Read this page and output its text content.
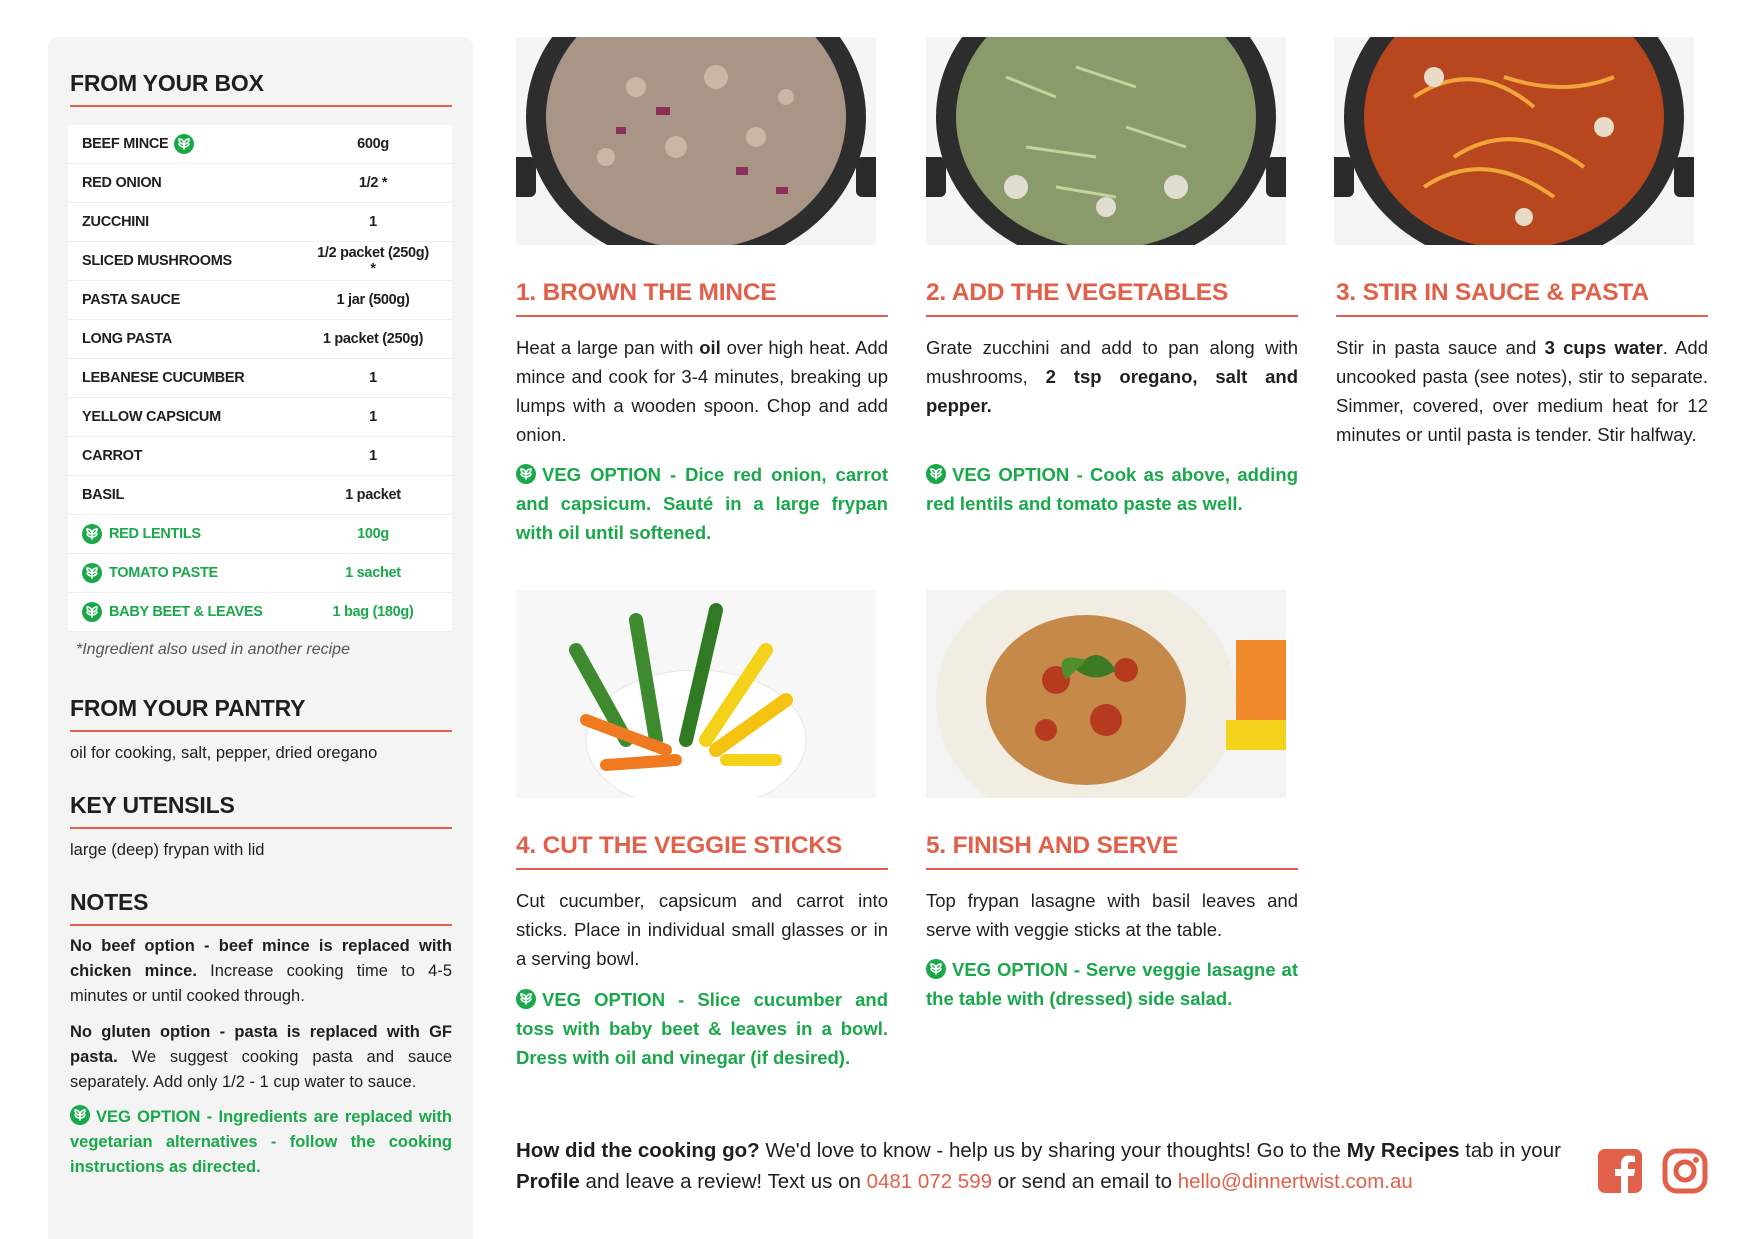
FROM YOUR BOX
BEEF MINCE	600g
RED ONION	1/2 *
ZUCCHINI	1
SLICED MUSHROOMS	1/2 packet (250g) *
PASTA SAUCE	1 jar (500g)
LONG PASTA	1 packet (250g)
LEBANESE CUCUMBER	1
YELLOW CAPSICUM	1
CARROT	1
BASIL	1 packet
RED LENTILS	100g
TOMATO PASTE	1 sachet
BABY BEET & LEAVES	1 bag (180g)
*Ingredient also used in another recipe
FROM YOUR PANTRY
oil for cooking, salt, pepper, dried oregano
KEY UTENSILS
large (deep) frypan with lid
NOTES
No beef option - beef mince is replaced with chicken mince. Increase cooking time to 4-5 minutes or until cooked through.
No gluten option - pasta is replaced with GF pasta. We suggest cooking pasta and sauce separately. Add only 1/2 - 1 cup water to sauce.
VEG OPTION - Ingredients are replaced with vegetarian alternatives - follow the cooking instructions as directed.
1. BROWN THE MINCE
Heat a large pan with oil over high heat. Add mince and cook for 3-4 minutes, breaking up lumps with a wooden spoon. Chop and add onion.
VEG OPTION - Dice red onion, carrot and capsicum. Sauté in a large frypan with oil until softened.
2. ADD THE VEGETABLES
Grate zucchini and add to pan along with mushrooms, 2 tsp oregano, salt and pepper.
VEG OPTION - Cook as above, adding red lentils and tomato paste as well.
3. STIR IN SAUCE & PASTA
Stir in pasta sauce and 3 cups water. Add uncooked pasta (see notes), stir to separate. Simmer, covered, over medium heat for 12 minutes or until pasta is tender. Stir halfway.
4. CUT THE VEGGIE STICKS
Cut cucumber, capsicum and carrot into sticks. Place in individual small glasses or in a serving bowl.
VEG OPTION - Slice cucumber and toss with baby beet & leaves in a bowl. Dress with oil and vinegar (if desired).
5. FINISH AND SERVE
Top frypan lasagne with basil leaves and serve with veggie sticks at the table.
VEG OPTION - Serve veggie lasagne at the table with (dressed) side salad.
How did the cooking go? We'd love to know - help us by sharing your thoughts! Go to the My Recipes tab in your Profile and leave a review! Text us on 0481 072 599 or send an email to hello@dinnertwist.com.au
